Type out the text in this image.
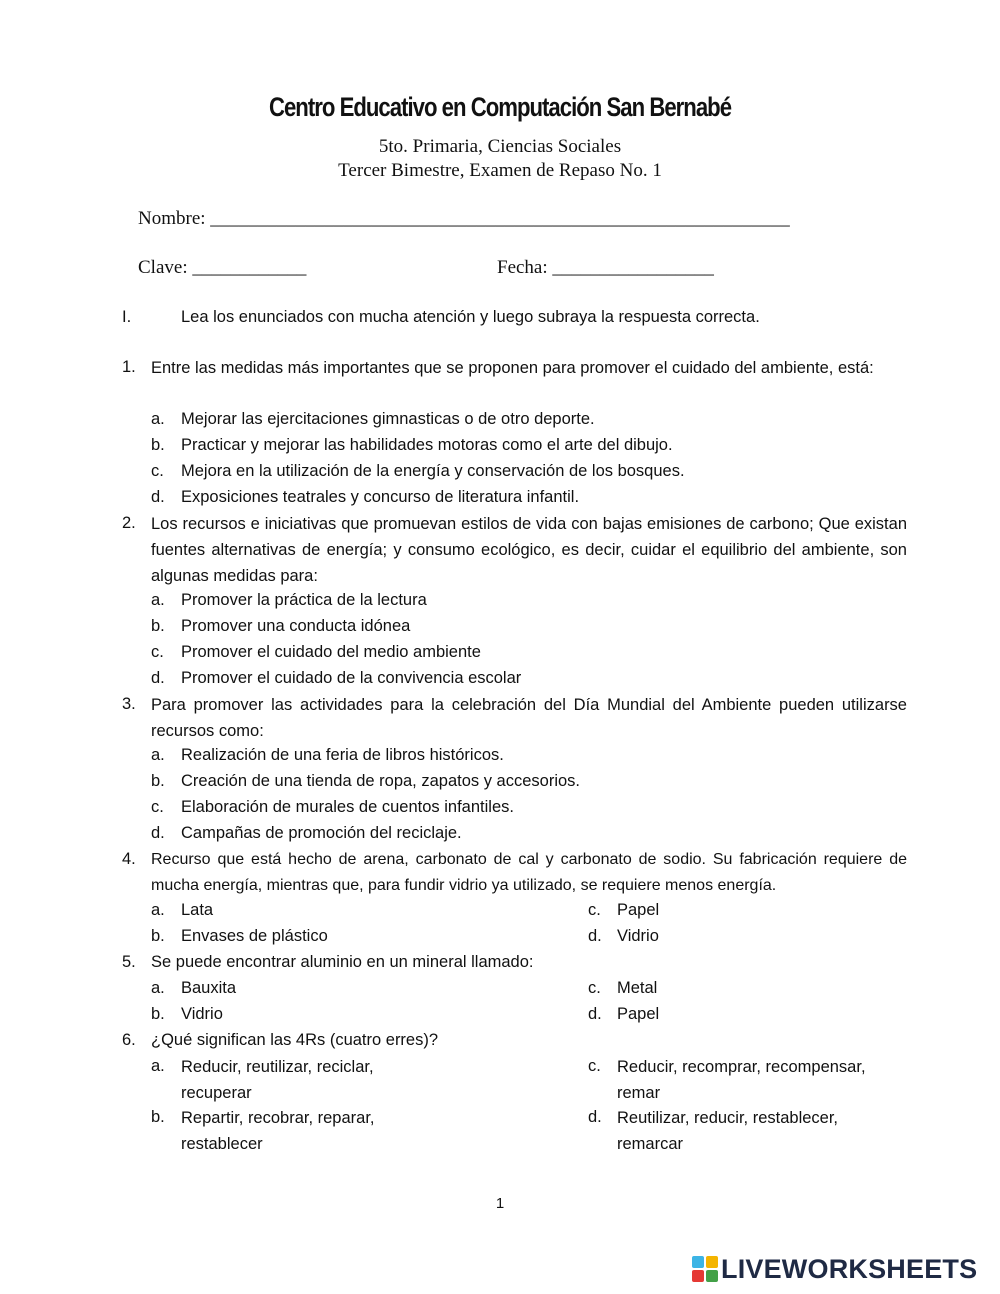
Centro Educativo en Computación San Bernabé
5to. Primaria, Ciencias Sociales
Tercer Bimestre, Examen de Repaso No. 1
Nombre: _____________________________________________________________
Clave: ____________	Fecha: _________________
I.	Lea los enunciados con mucha atención y luego subraya la respuesta correcta.
1. Entre las medidas más importantes que se proponen para promover el cuidado del ambiente, está:
a. Mejorar las ejercitaciones gimnasticas o de otro deporte.
b. Practicar y mejorar las habilidades motoras como el arte del dibujo.
c. Mejora en la utilización de la energía y conservación de los bosques.
d. Exposiciones teatrales y concurso de literatura infantil.
2. Los recursos e iniciativas que promuevan estilos de vida con bajas emisiones de carbono; Que existan fuentes alternativas de energía; y consumo ecológico, es decir, cuidar el equilibrio del ambiente, son algunas medidas para:
a. Promover la práctica de la lectura
b. Promover una conducta idónea
c. Promover el cuidado del medio ambiente
d. Promover el cuidado de la convivencia escolar
3. Para promover las actividades para la celebración del Día Mundial del Ambiente pueden utilizarse recursos como:
a. Realización de una feria de libros históricos.
b. Creación de una tienda de ropa, zapatos y accesorios.
c. Elaboración de murales de cuentos infantiles.
d. Campañas de promoción del reciclaje.
4. Recurso que está hecho de arena, carbonato de cal y carbonato de sodio. Su fabricación requiere de mucha energía, mientras que, para fundir vidrio ya utilizado, se requiere menos energía.
a. Lata
b. Envases de plástico
c. Papel
d. Vidrio
5. Se puede encontrar aluminio en un mineral llamado:
a. Bauxita
b. Vidrio
c. Metal
d. Papel
6. ¿Qué significan las 4Rs (cuatro erres)?
a. Reducir, reutilizar, reciclar, recuperar
b. Repartir, recobrar, reparar, restablecer
c. Reducir, recomprar, recompensar, remar
d. Reutilizar, reducir, restablecer, remarcar
1
LIVEWORKSHEETS
